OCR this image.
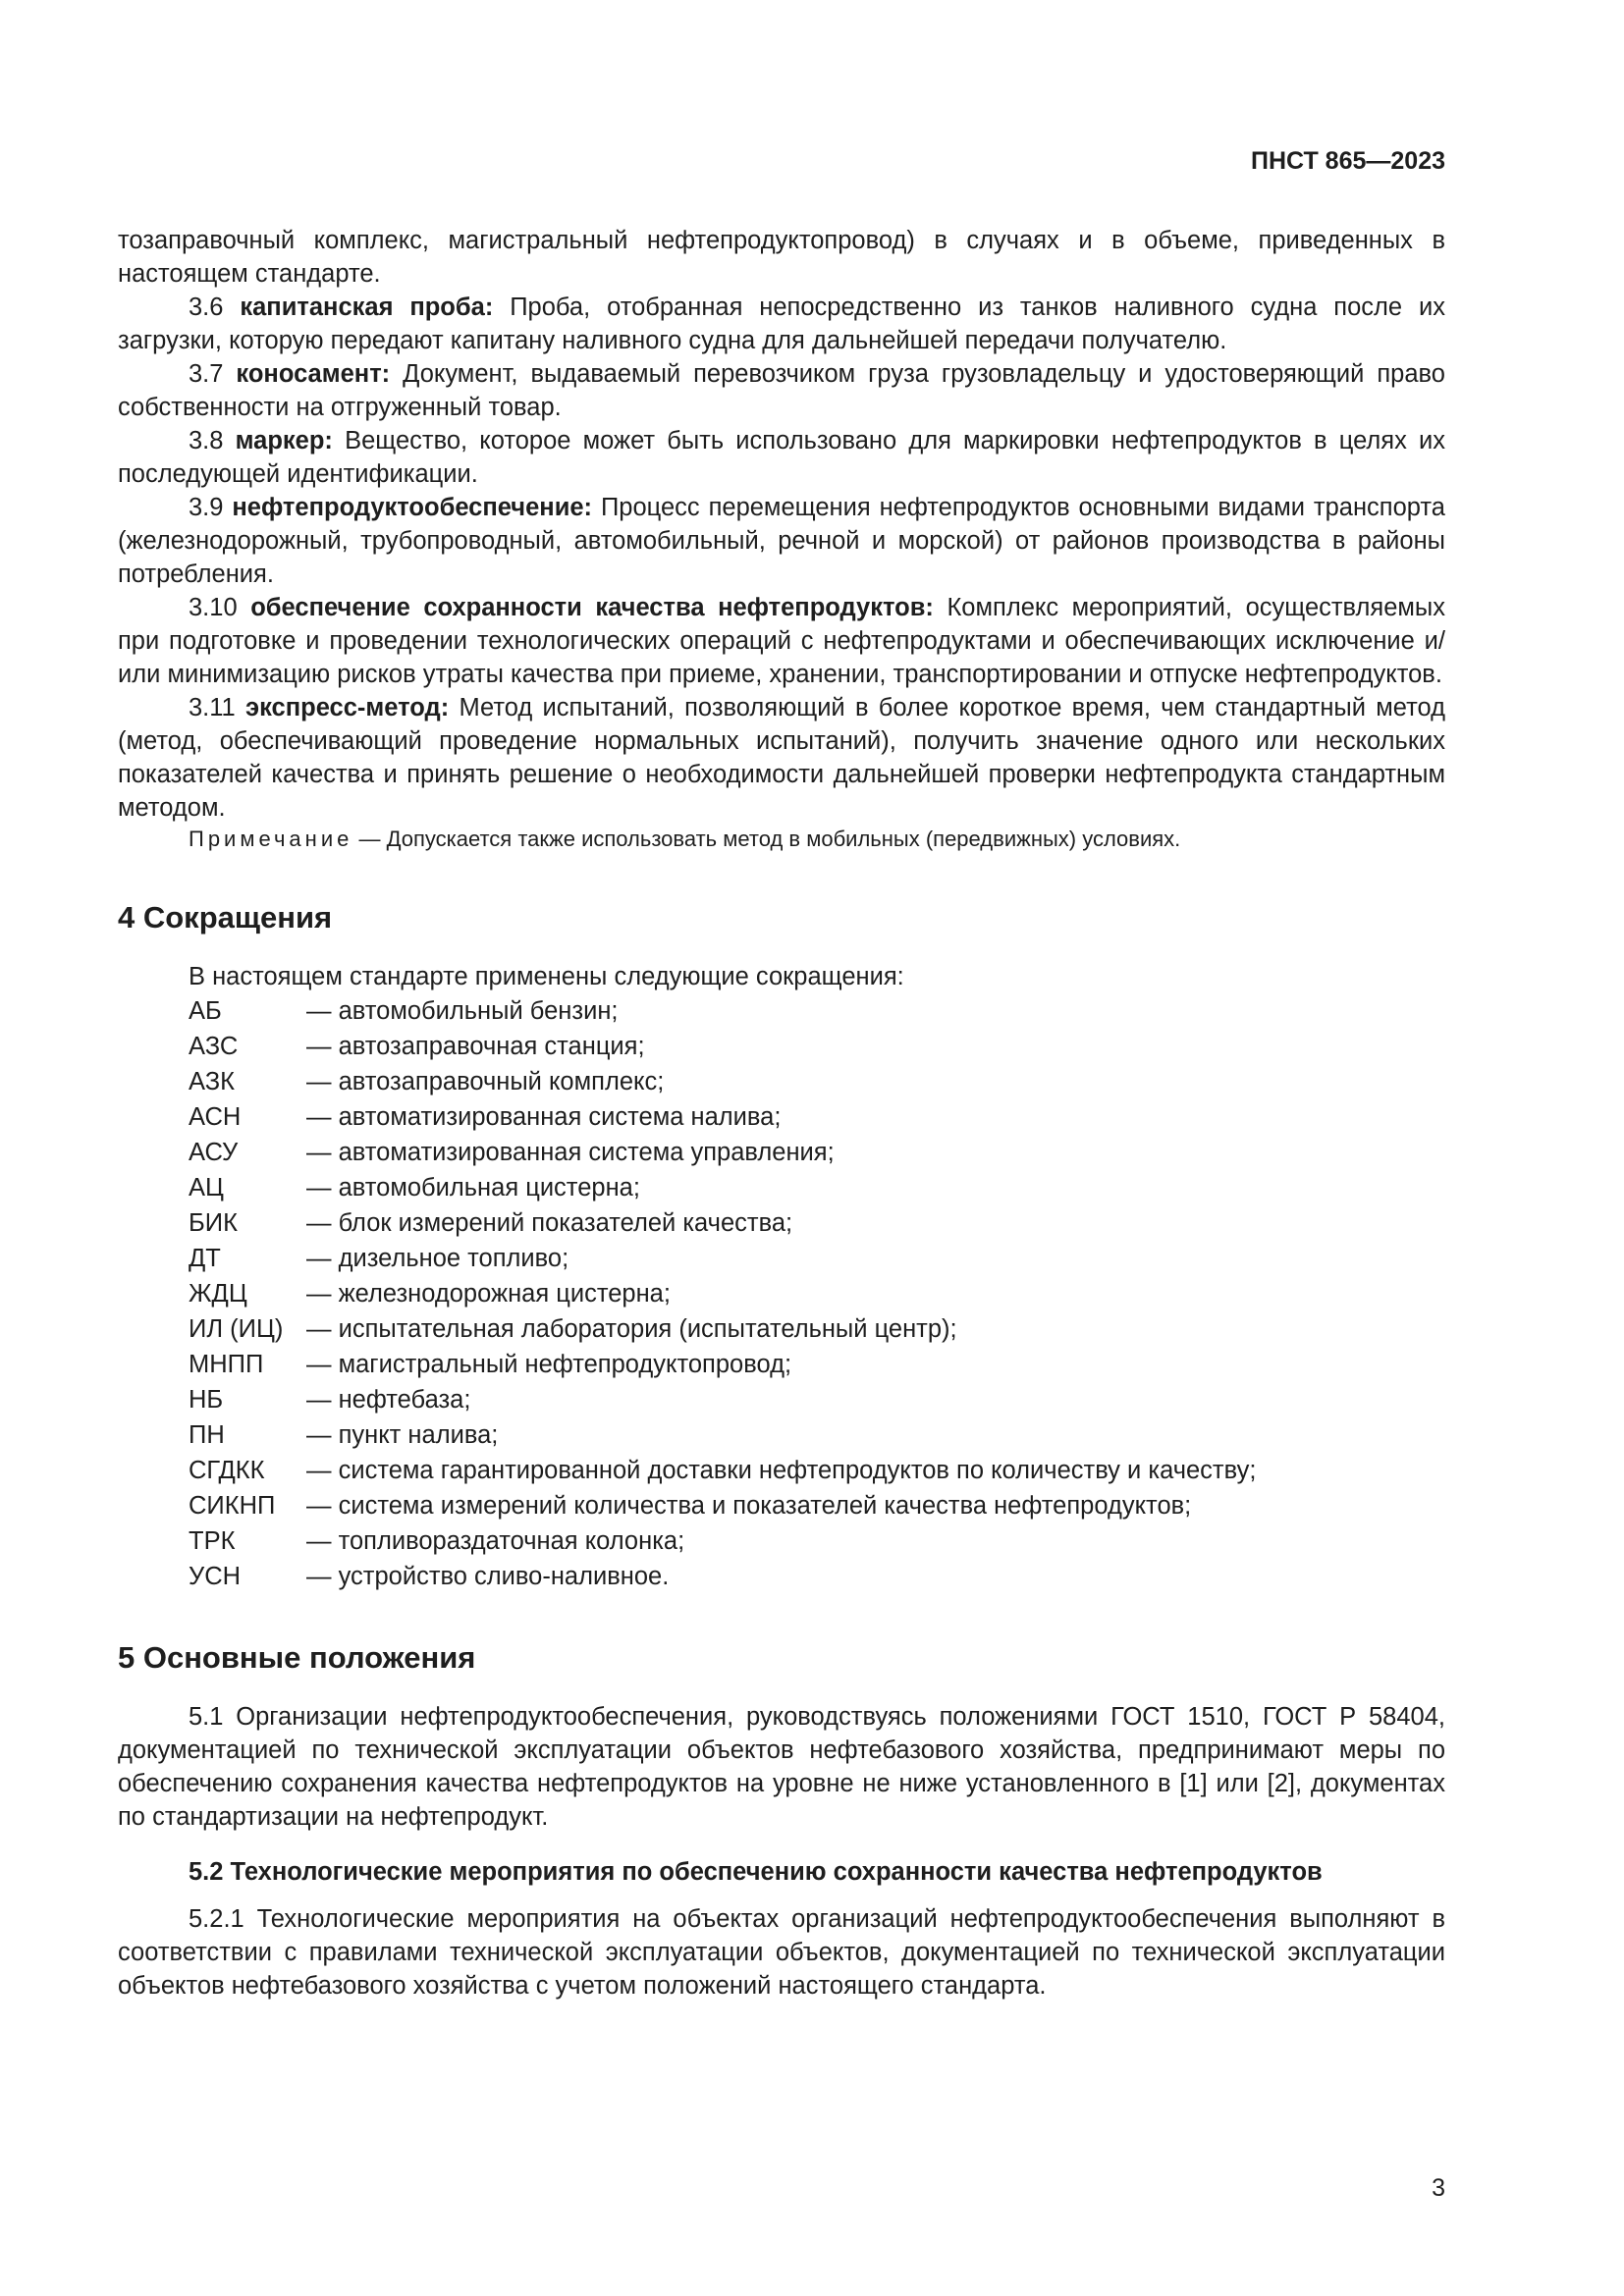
ПНСТ 865—2023

тозаправочный комплекс, магистральный нефтепродуктопровод) в случаях и в объеме, приведенных в настоящем стандарте.

3.6 капитанская проба: Проба, отобранная непосредственно из танков наливного судна после их загрузки, которую передают капитану наливного судна для дальнейшей передачи получателю.

3.7 коносамент: Документ, выдаваемый перевозчиком груза грузовладельцу и удостоверяющий право собственности на отгруженный товар.

3.8 маркер: Вещество, которое может быть использовано для маркировки нефтепродуктов в целях их последующей идентификации.

3.9 нефтепродуктообеспечение: Процесс перемещения нефтепродуктов основными видами транспорта (железнодорожный, трубопроводный, автомобильный, речной и морской) от районов производства в районы потребления.

3.10 обеспечение сохранности качества нефтепродуктов: Комплекс мероприятий, осуществляемых при подготовке и проведении технологических операций с нефтепродуктами и обеспечивающих исключение и/или минимизацию рисков утраты качества при приеме, хранении, транспортировании и отпуске нефтепродуктов.

3.11 экспресс-метод: Метод испытаний, позволяющий в более короткое время, чем стандартный метод (метод, обеспечивающий проведение нормальных испытаний), получить значение одного или нескольких показателей качества и принять решение о необходимости дальнейшей проверки нефтепродукта стандартным методом.

Примечание — Допускается также использовать метод в мобильных (передвижных) условиях.

4 Сокращения

В настоящем стандарте применены следующие сокращения:

АБ	— автомобильный бензин;
АЗС	— автозаправочная станция;
АЗК	— автозаправочный комплекс;
АСН	— автоматизированная система налива;
АСУ	— автоматизированная система управления;
АЦ	— автомобильная цистерна;
БИК	— блок измерений показателей качества;
ДТ	— дизельное топливо;
ЖДЦ	— железнодорожная цистерна;
ИЛ (ИЦ) — испытательная лаборатория (испытательный центр);
МНПП	— магистральный нефтепродуктопровод;
НБ	— нефтебаза;
ПН	— пункт налива;
СГДКК	— система гарантированной доставки нефтепродуктов по количеству и качеству;
СИКНП	— система измерений количества и показателей качества нефтепродуктов;
ТРК	— топливораздаточная колонка;
УСН	— устройство сливо-наливное.
5 Основные положения

5.1 Организации нефтепродуктообеспечения, руководствуясь положениями ГОСТ 1510, ГОСТ Р 58404, документацией по технической эксплуатации объектов нефтебазового хозяйства, предпринимают меры по обеспечению сохранения качества нефтепродуктов на уровне не ниже установленного в [1] или [2], документах по стандартизации на нефтепродукт.

5.2 Технологические мероприятия по обеспечению сохранности качества нефтепродуктов

5.2.1 Технологические мероприятия на объектах организаций нефтепродуктообеспечения выполняют в соответствии с правилами технической эксплуатации объектов, документацией по технической эксплуатации объектов нефтебазового хозяйства с учетом положений настоящего стандарта.

3
